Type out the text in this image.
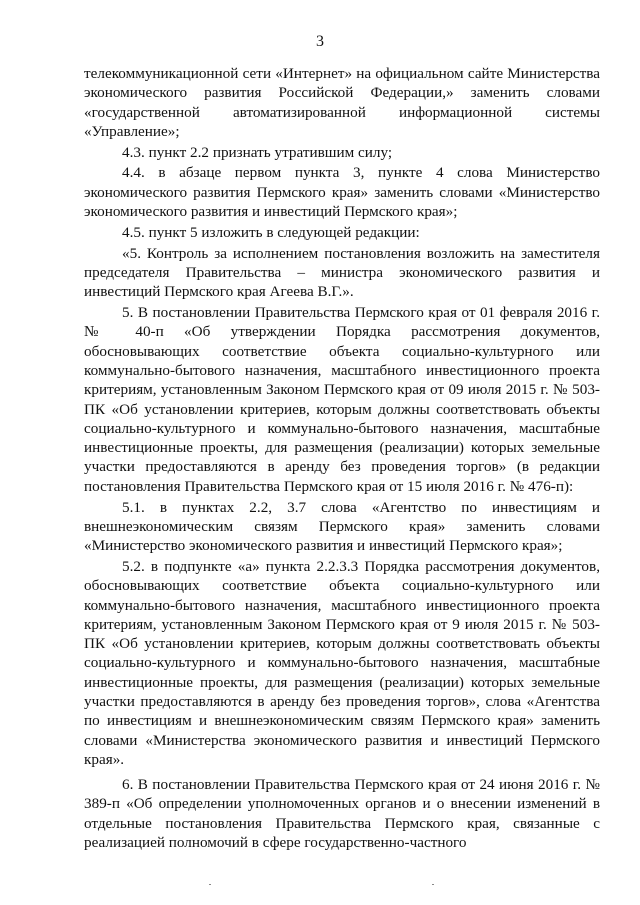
3

телекоммуникационной сети «Интернет» на официальном сайте Министерства экономического развития Российской Федерации,» заменить словами «государственной автоматизированной информационной системы «Управление»;

4.3. пункт 2.2 признать утратившим силу;

4.4. в абзаце первом пункта 3, пункте 4 слова Министерство экономического развития Пермского края» заменить словами «Министерство экономического развития и инвестиций Пермского края»;

4.5. пункт 5 изложить в следующей редакции:

«5. Контроль за исполнением постановления возложить на заместителя председателя Правительства – министра экономического развития и инвестиций Пермского края Агеева В.Г.».

5. В постановлении Правительства Пермского края от 01 февраля 2016 г. № 40-п «Об утверждении Порядка рассмотрения документов, обосновывающих соответствие объекта социально-культурного или коммунально-бытового назначения, масштабного инвестиционного проекта критериям, установленным Законом Пермского края от 09 июля 2015 г. № 503-ПК «Об установлении критериев, которым должны соответствовать объекты социально-культурного и коммунально-бытового назначения, масштабные инвестиционные проекты, для размещения (реализации) которых земельные участки предоставляются в аренду без проведения торгов» (в редакции постановления Правительства Пермского края от 15 июля 2016 г. № 476-п):

5.1. в пунктах 2.2, 3.7 слова «Агентство по инвестициям и внешнеэкономическим связям Пермского края» заменить словами «Министерство экономического развития и инвестиций Пермского края»;

5.2. в подпункте «а» пункта 2.2.3.3 Порядка рассмотрения документов, обосновывающих соответствие объекта социально-культурного или коммунально-бытового назначения, масштабного инвестиционного проекта критериям, установленным Законом Пермского края от 9 июля 2015 г. № 503-ПК «Об установлении критериев, которым должны соответствовать объекты социально-культурного и коммунально-бытового назначения, масштабные инвестиционные проекты, для размещения (реализации) которых земельные участки предоставляются в аренду без проведения торгов», слова «Агентства по инвестициям и внешнеэкономическим связям Пермского края» заменить словами «Министерства экономического развития и инвестиций Пермского края».

6. В постановлении Правительства Пермского края от 24 июня 2016 г. № 389-п «Об определении уполномоченных органов и о внесении изменений в отдельные постановления Правительства Пермского края, связанные с реализацией полномочий в сфере государственно-частного
